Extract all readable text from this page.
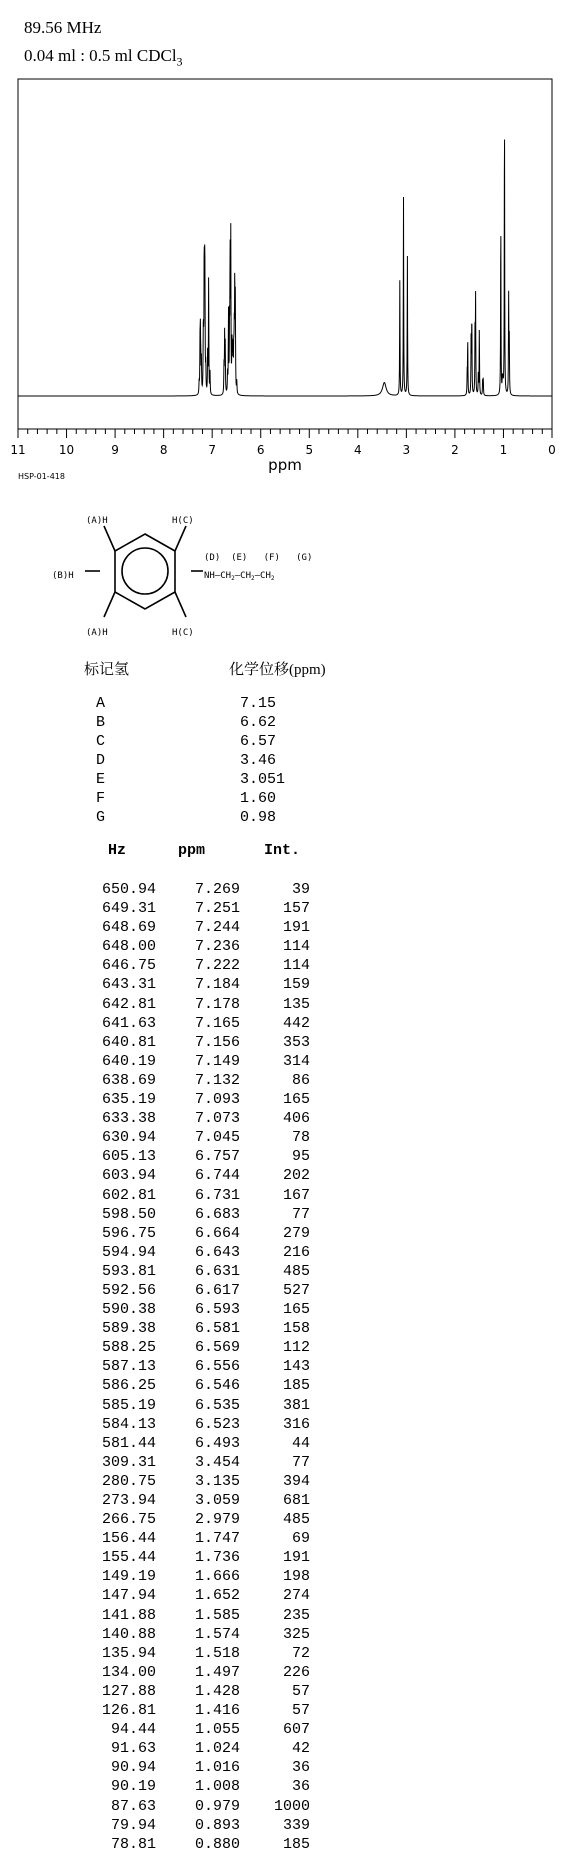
89.56 MHz
0.04 ml : 0.5 ml CDCl$_3$
11	10	9	8	7	6	5	4	3	2	1	0
ppm
HSP-01-418
(A)H	H(C)
(B)H
(A)H	H(C)
(D)  (E)   (F)   (G)
$NH—CH_2—CH_2—CH_2$
标记氢	化学位移(ppm)
A	7.15
B	6.62
C	6.57
D	3.46
E	3.051
F	1.60
G	0.98
Hz	ppm	Int.
650.94	7.269	39
649.31	7.251	157
648.69	7.244	191
648.00	7.236	114
646.75	7.222	114
643.31	7.184	159
642.81	7.178	135
641.63	7.165	442
640.81	7.156	353
640.19	7.149	314
638.69	7.132	86
635.19	7.093	165
633.38	7.073	406
630.94	7.045	78
605.13	6.757	95
603.94	6.744	202
602.81	6.731	167
598.50	6.683	77
596.75	6.664	279
594.94	6.643	216
593.81	6.631	485
592.56	6.617	527
590.38	6.593	165
589.38	6.581	158
588.25	6.569	112
587.13	6.556	143
586.25	6.546	185
585.19	6.535	381
584.13	6.523	316
581.44	6.493	44
309.31	3.454	77
280.75	3.135	394
273.94	3.059	681
266.75	2.979	485
156.44	1.747	69
155.44	1.736	191
149.19	1.666	198
147.94	1.652	274
141.88	1.585	235
140.88	1.574	325
135.94	1.518	72
134.00	1.497	226
127.88	1.428	57
126.81	1.416	57
94.44	1.055	607
91.63	1.024	42
90.94	1.016	36
90.19	1.008	36
87.63	0.979	1000
79.94	0.893	339
78.81	0.880	185
